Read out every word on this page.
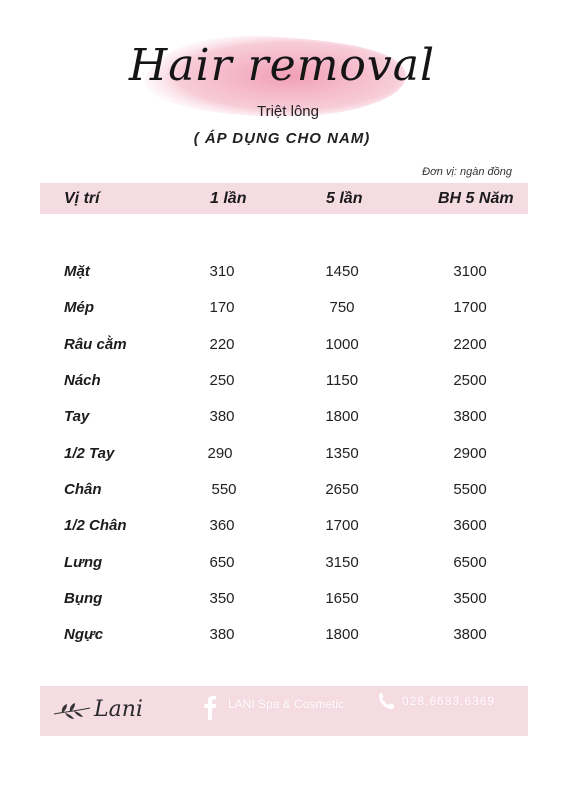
Hair removal
Triệt lông
( ÁP DỤNG CHO NAM)
Đơn vị: ngàn đồng
Vị trí	1 lần	5 lần	BH 5 Năm
Mặt	310	1450	3100
Mép	170	750	1700
Râu cằm	220	1000	2200
Nách	250	1150	2500
Tay	380	1800	3800
1/2 Tay	290	1350	2900
Chân	550	2650	5500
1/2 Chân	360	1700	3600
Lưng	650	3150	6500
Bụng	350	1650	3500
Ngực	380	1800	3800
Lani	LANI Spa & Cosmetic	028.6683.6369
